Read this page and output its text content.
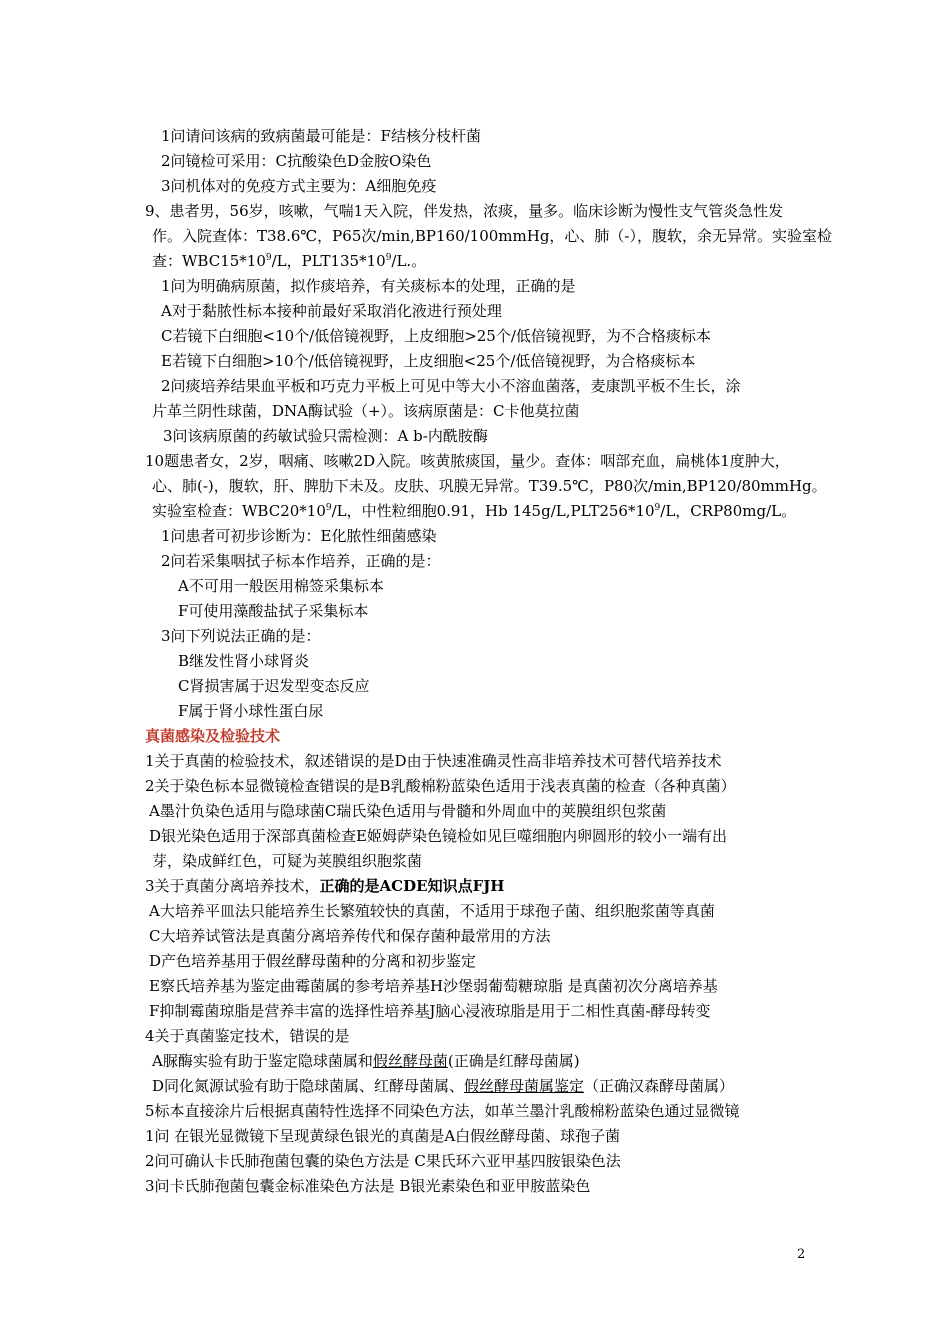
1问请问该病的致病菌最可能是：F结核分枝杆菌
2问镜检可采用：C抗酸染色D金胺O染色
3问机体对的免疫方式主要为：A细胞免疫
9、患者男，56岁，咳嗽，气喘1天入院，伴发热，浓痰，量多。临床诊断为慢性支气管炎急性发
作。入院查体：T38.6℃，P65次/min,BP160/100mmHg，心、肺（-），腹软，余无异常。实验室检
查：$WBC15*10^9/L$，$PLT135*10^9/L$.。
1问为明确病原菌，拟作痰培养，有关痰标本的处理，正确的是
A对于黏脓性标本接种前最好采取消化液进行预处理
C若镜下白细胞<10个/低倍镜视野，上皮细胞>25个/低倍镜视野，为不合格痰标本
E若镜下白细胞>10个/低倍镜视野，上皮细胞<25个/低倍镜视野，为合格痰标本
2问痰培养结果血平板和巧克力平板上可见中等大小不溶血菌落，麦康凯平板不生长，涂
片革兰阴性球菌，DNA酶试验（+）。该病原菌是：C卡他莫拉菌
3问该病原菌的药敏试验只需检测：A b-内酰胺酶
10题患者女，2岁，咽痛、咳嗽2D入院。咳黄脓痰国，量少。查体：咽部充血，扁桃体1度肿大，
心、肺(-)，腹软，肝、脾肋下未及。皮肤、巩膜无异常。T39.5℃，P80次/min,BP120/80mmHg。
实验室检查：$WBC20*10^9/L$，中性粒细胞0.91，Hb $145g/L,PLT256*10^9/L$，CRP80mg/L。
1问患者可初步诊断为：E化脓性细菌感染
2问若采集咽拭子标本作培养，正确的是：
A不可用一般医用棉签采集标本
F可使用藻酸盐拭子采集标本
3问下列说法正确的是：
B继发性肾小球肾炎
C肾损害属于迟发型变态反应
F属于肾小球性蛋白尿
真菌感染及检验技术
1关于真菌的检验技术，叙述错误的是D由于快速准确灵性高非培养技术可替代培养技术
2关于染色标本显微镜检查错误的是B乳酸棉粉蓝染色适用于浅表真菌的检查（各种真菌）
A墨汁负染色适用与隐球菌C瑞氏染色适用与骨髓和外周血中的荚膜组织包浆菌
D银光染色适用于深部真菌检查E姬姆萨染色镜检如见巨噬细胞内卵圆形的较小一端有出
芽，染成鲜红色，可疑为荚膜组织胞浆菌
3关于真菌分离培养技术，正确的是ACDE知识点FJH
A大培养平皿法只能培养生长繁殖较快的真菌，不适用于球孢子菌、组织胞浆菌等真菌
C大培养试管法是真菌分离培养传代和保存菌种最常用的方法
D产色培养基用于假丝酵母菌种的分离和初步鉴定
E察氏培养基为鉴定曲霉菌属的参考培养基H沙堡弱葡萄糖琼脂 是真菌初次分离培养基
F抑制霉菌琼脂是营养丰富的选择性培养基J脑心浸液琼脂是用于二相性真菌-酵母转变
4关于真菌鉴定技术，错误的是
A脲酶实验有助于鉴定隐球菌属和假丝酵母菌(正确是红酵母菌属)
D同化氮源试验有助于隐球菌属、红酵母菌属、假丝酵母菌属鉴定（正确汉森酵母菌属）
5标本直接涂片后根据真菌特性选择不同染色方法，如革兰墨汁乳酸棉粉蓝染色通过显微镜
1问 在银光显微镜下呈现黄绿色银光的真菌是A白假丝酵母菌、球孢子菌
2问可确认卡氏肺孢菌包囊的染色方法是 C果氏环六亚甲基四胺银染色法
3问卡氏肺孢菌包囊金标准染色方法是 B银光素染色和亚甲胺蓝染色
2
